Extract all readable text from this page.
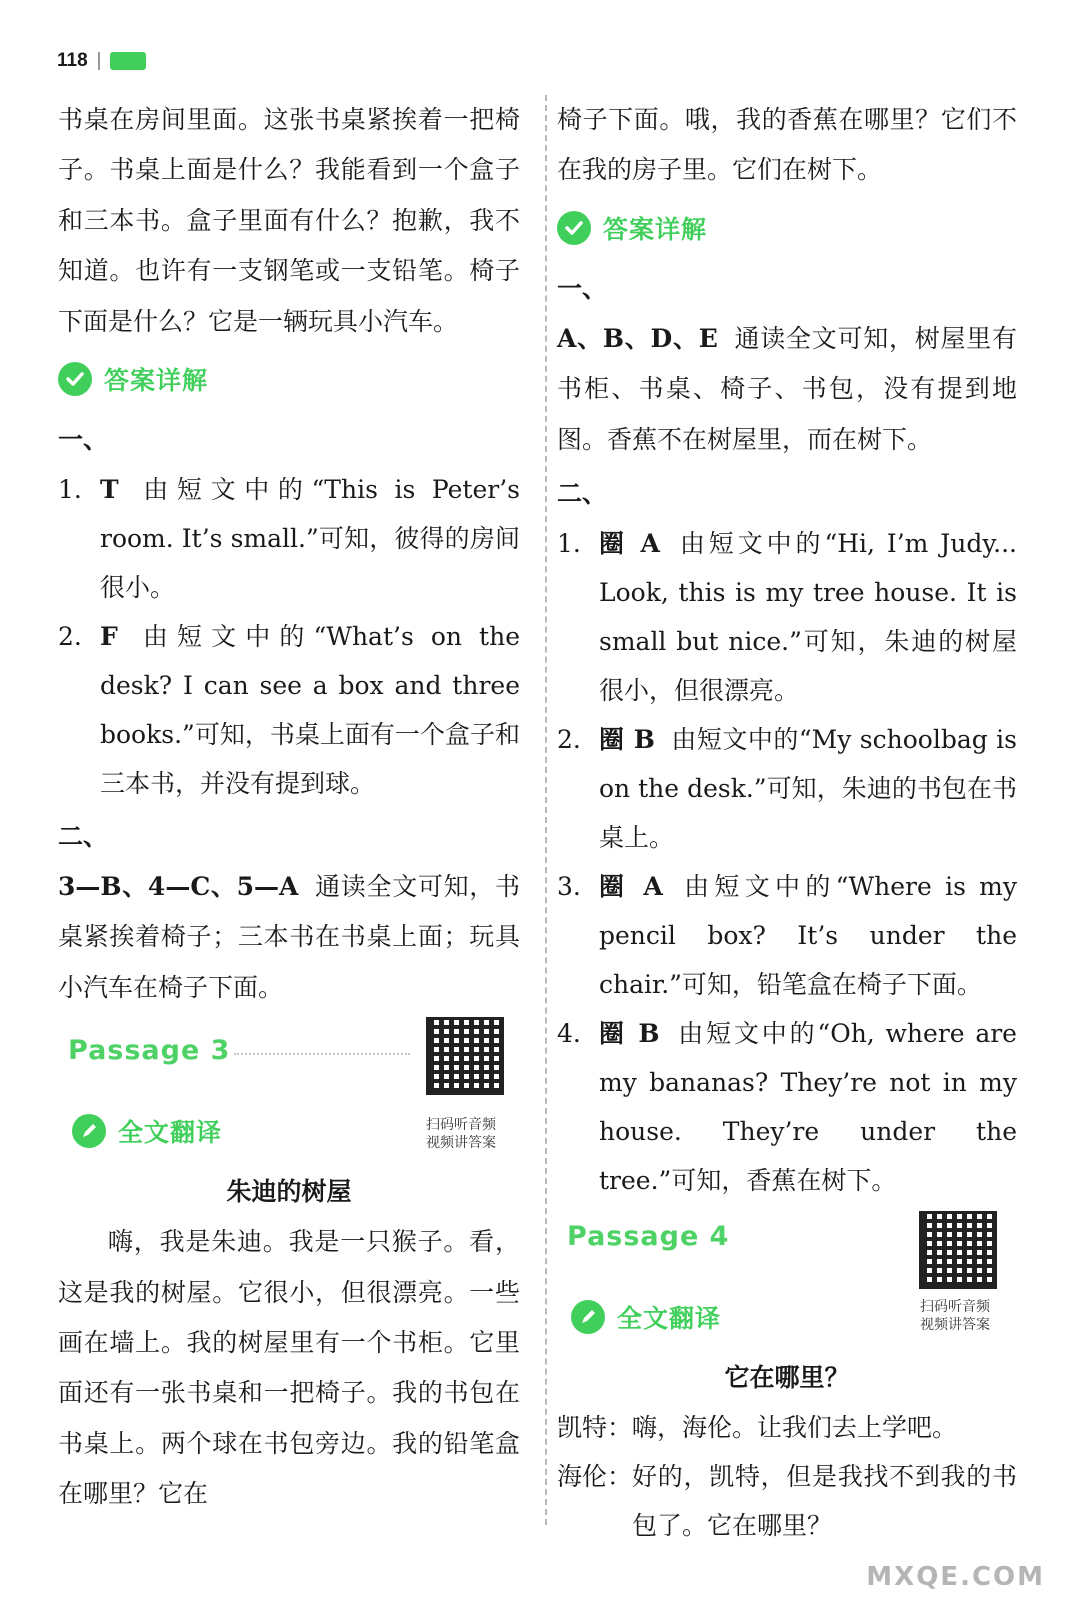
118

书桌在房间里面。这张书桌紧挨着一把椅子。书桌上面是什么？我能看到一个盒子和三本书。盒子里面有什么？抱歉，我不知道。也许有一支钢笔或一支铅笔。椅子下面是什么？它是一辆玩具小汽车。

答案详解

一、

1. T 由短文中的“This is Peter’s room. It’s small.”可知，彼得的房间很小。
2. F 由短文中的“What’s on the desk? I can see a box and three books.”可知，书桌上面有一个盒子和三本书，并没有提到球。

二、

3—B、4—C、5—A 通读全文可知，书桌紧挨着椅子；三本书在书桌上面；玩具小汽车在椅子下面。

Passage 3
扫码听音频
视频讲答案
全文翻译

朱迪的树屋

嗨，我是朱迪。我是一只猴子。看，这是我的树屋。它很小，但很漂亮。一些画在墙上。我的树屋里有一个书柜。它里面还有一张书桌和一把椅子。我的书包在书桌上。两个球在书包旁边。我的铅笔盒在哪里？它在

椅子下面。哦，我的香蕉在哪里？它们不在我的房子里。它们在树下。

答案详解

一、

A、B、D、E 通读全文可知，树屋里有书柜、书桌、椅子、书包，没有提到地图。香蕉不在树屋里，而在树下。

二、

1. 圈 A 由短文中的“Hi, I’m Judy... Look, this is my tree house. It is small but nice.”可知，朱迪的树屋很小，但很漂亮。
2. 圈 B 由短文中的“My schoolbag is on the desk.”可知，朱迪的书包在书桌上。
3. 圈 A 由短文中的“Where is my pencil box? It’s under the chair.”可知，铅笔盒在椅子下面。
4. 圈 B 由短文中的“Oh, where are my bananas? They’re not in my house. They’re under the tree.”可知，香蕉在树下。
Passage 4
扫码听音频
视频讲答案
全文翻译

它在哪里？

凯特： 嗨，海伦。让我们去上学吧。
海伦： 好的，凯特，但是我找不到我的书包了。它在哪里？
MXQE.COM
